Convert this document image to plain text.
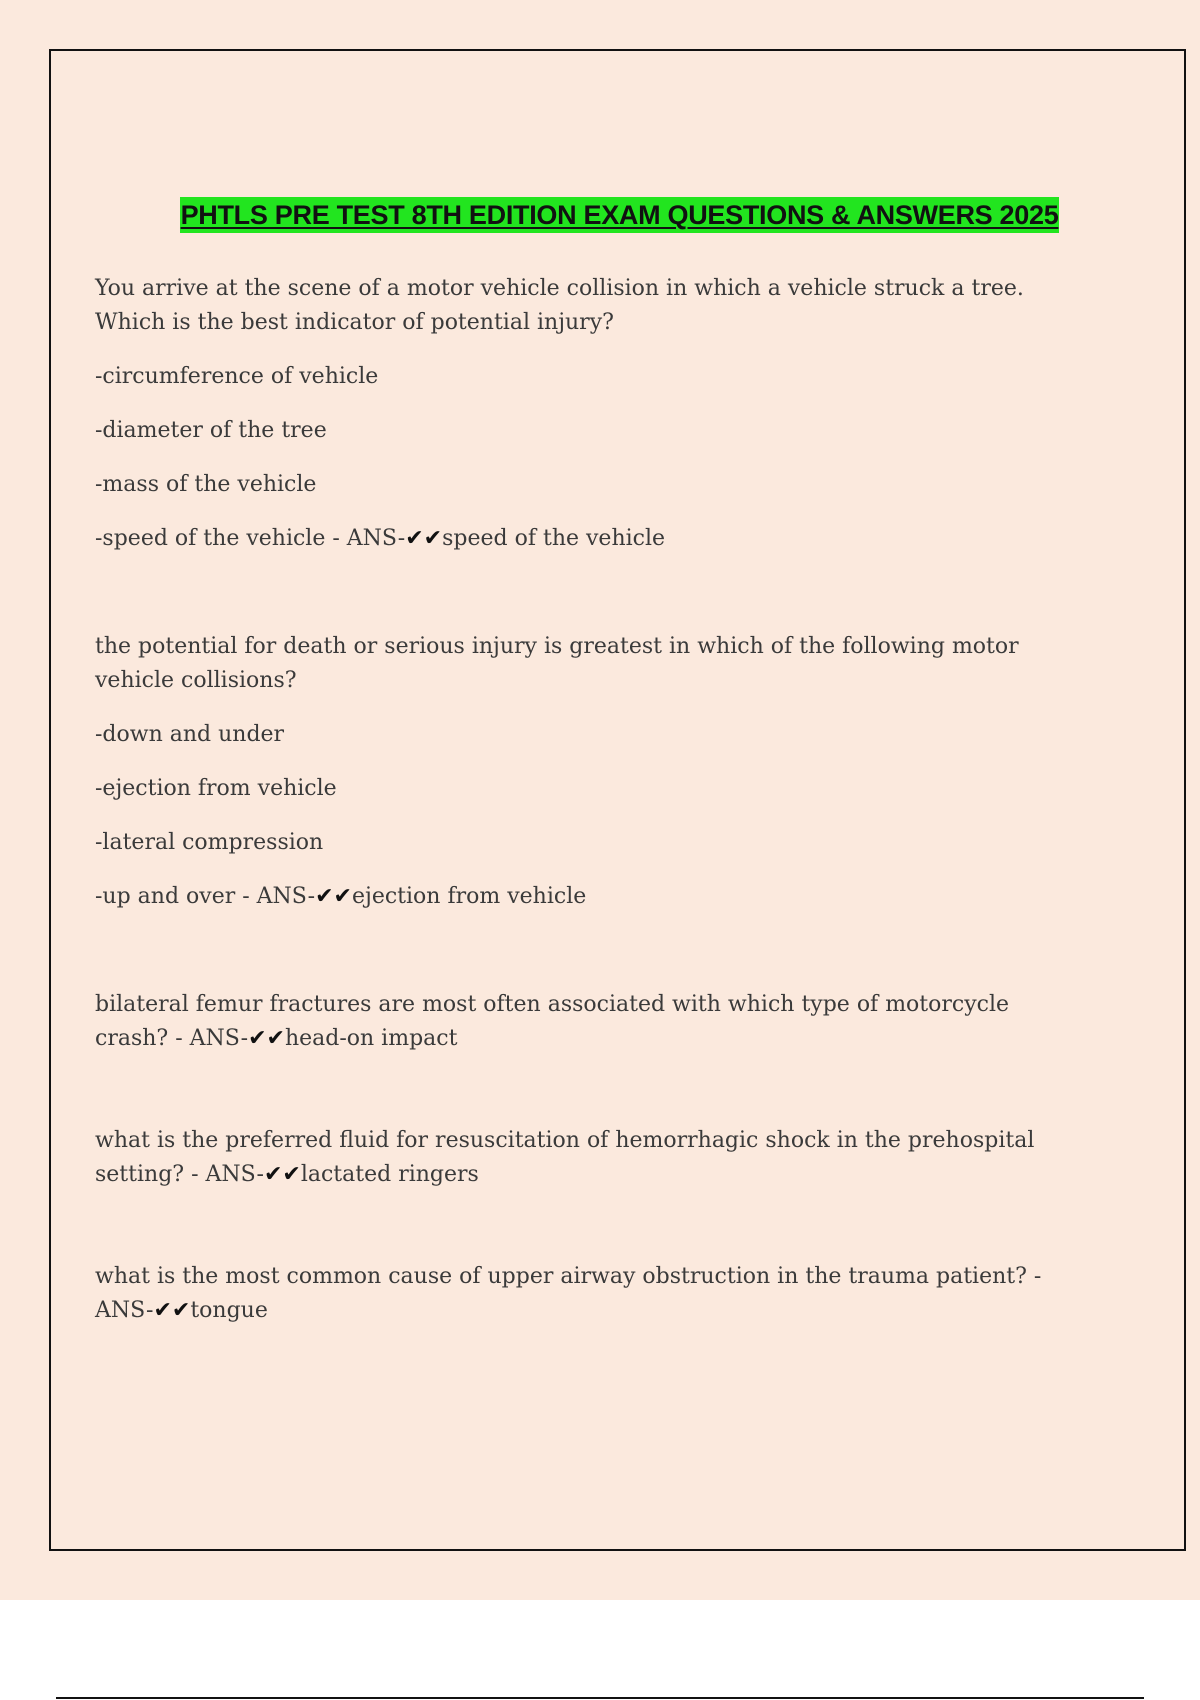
PHTLS PRE TEST 8TH EDITION EXAM QUESTIONS & ANSWERS 2025

You arrive at the scene of a motor vehicle collision in which a vehicle struck a tree. Which is the best indicator of potential injury?

-circumference of vehicle

-diameter of the tree

-mass of the vehicle

-speed of the vehicle - ANS-✔✔speed of the vehicle

the potential for death or serious injury is greatest in which of the following motor vehicle collisions?

-down and under

-ejection from vehicle

-lateral compression

-up and over - ANS-✔✔ejection from vehicle

bilateral femur fractures are most often associated with which type of motorcycle crash? - ANS-✔✔head-on impact

what is the preferred fluid for resuscitation of hemorrhagic shock in the prehospital setting? - ANS-✔✔lactated ringers

what is the most common cause of upper airway obstruction in the trauma patient? - ANS-✔✔tongue
